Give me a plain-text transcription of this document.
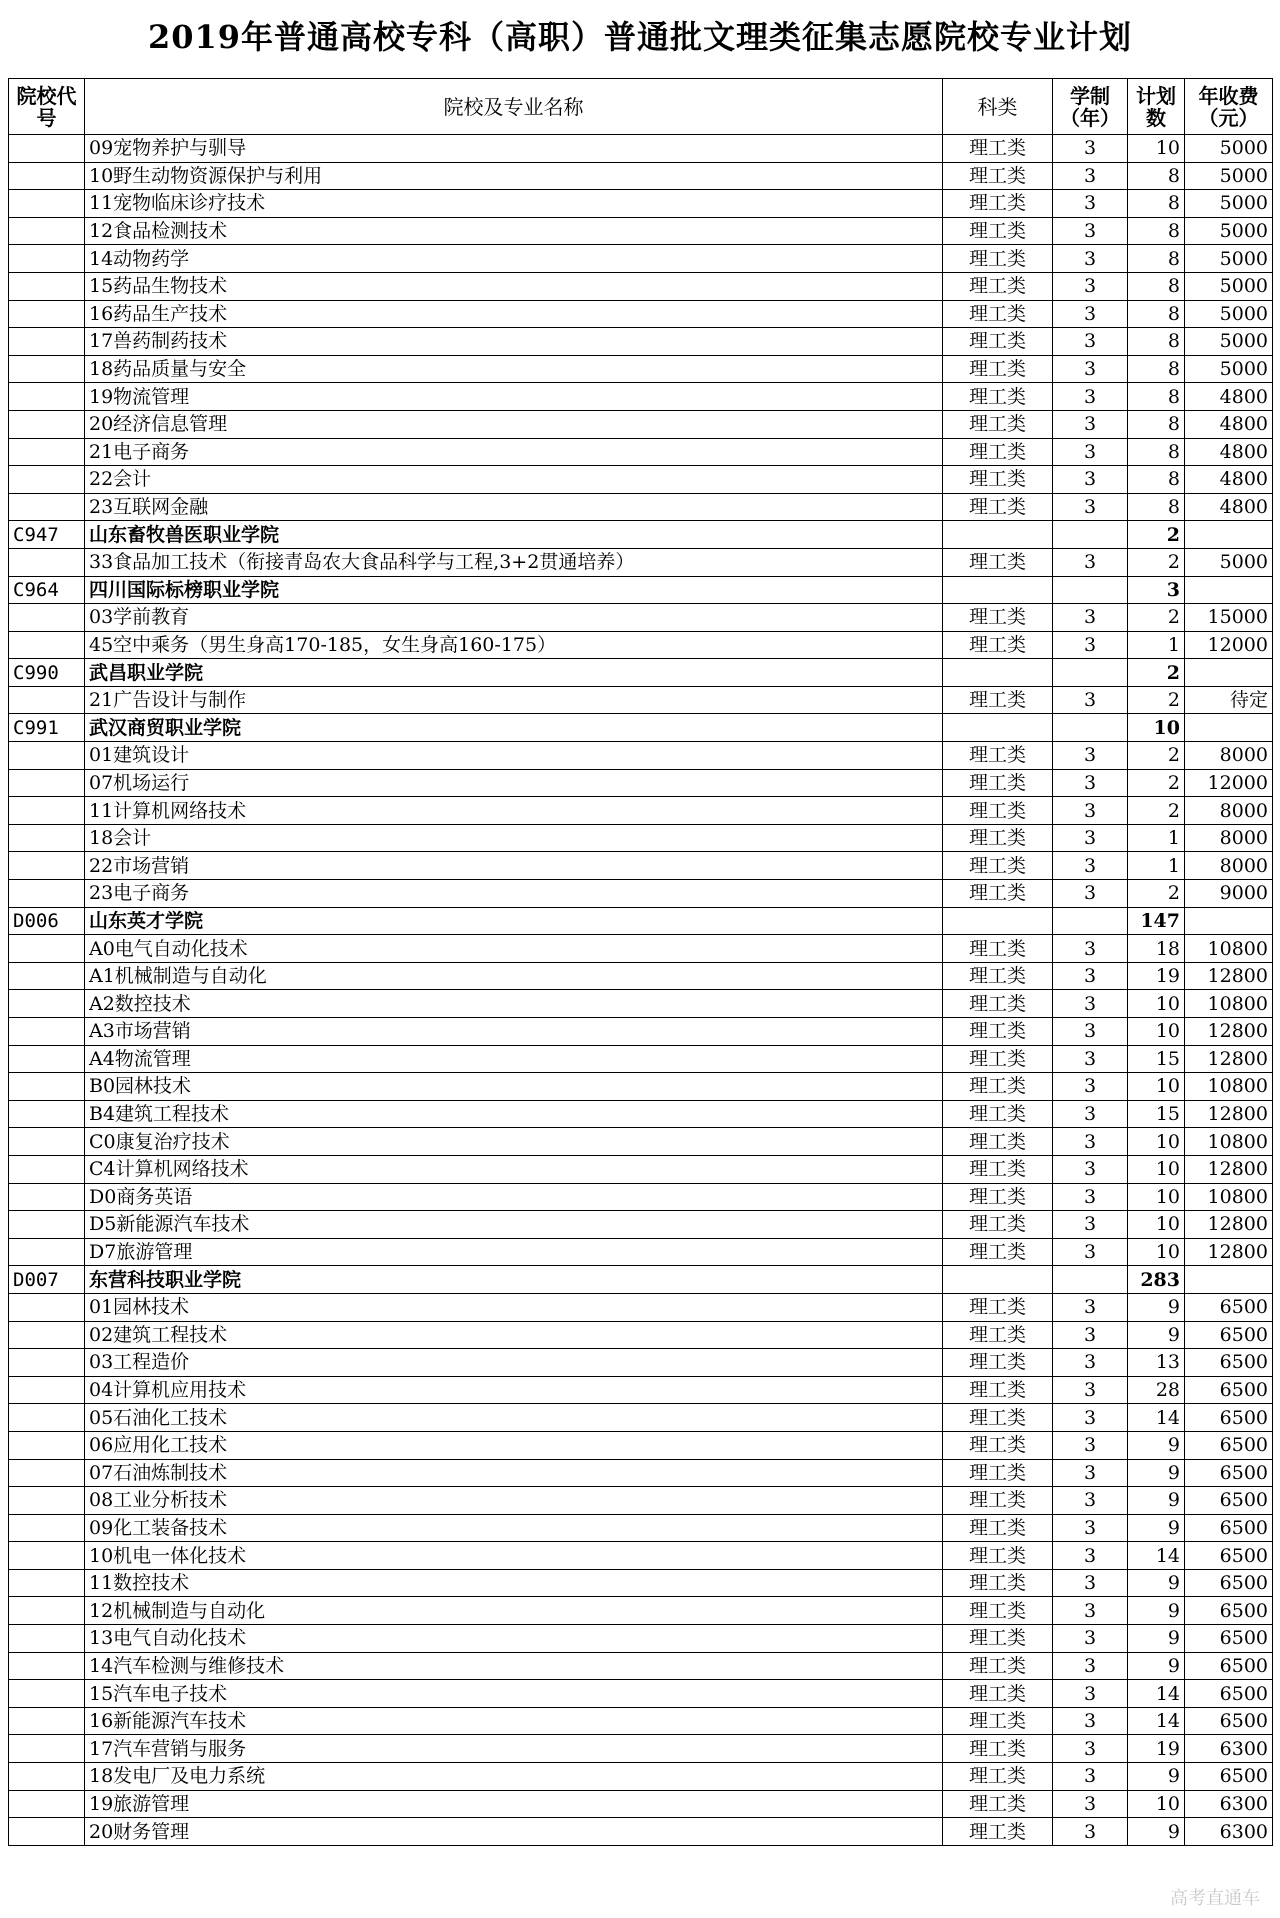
2019年普通高校专科（高职）普通批文理类征集志愿院校专业计划
院校代号	院校及专业名称	科类	学制（年）	计划数	年收费（元）
	09宠物养护与驯导	理工类	3	10	5000
	10野生动物资源保护与利用	理工类	3	8	5000
	11宠物临床诊疗技术	理工类	3	8	5000
	12食品检测技术	理工类	3	8	5000
	14动物药学	理工类	3	8	5000
	15药品生物技术	理工类	3	8	5000
	16药品生产技术	理工类	3	8	5000
	17兽药制药技术	理工类	3	8	5000
	18药品质量与安全	理工类	3	8	5000
	19物流管理	理工类	3	8	4800
	20经济信息管理	理工类	3	8	4800
	21电子商务	理工类	3	8	4800
	22会计	理工类	3	8	4800
	23互联网金融	理工类	3	8	4800
C947	山东畜牧兽医职业学院			2	
	33食品加工技术（衔接青岛农大食品科学与工程,3+2贯通培养）	理工类	3	2	5000
C964	四川国际标榜职业学院			3	
	03学前教育	理工类	3	2	15000
	45空中乘务（男生身高170-185，女生身高160-175）	理工类	3	1	12000
C990	武昌职业学院			2	
	21广告设计与制作	理工类	3	2	待定
C991	武汉商贸职业学院			10	
	01建筑设计	理工类	3	2	8000
	07机场运行	理工类	3	2	12000
	11计算机网络技术	理工类	3	2	8000
	18会计	理工类	3	1	8000
	22市场营销	理工类	3	1	8000
	23电子商务	理工类	3	2	9000
D006	山东英才学院			147	
	A0电气自动化技术	理工类	3	18	10800
	A1机械制造与自动化	理工类	3	19	12800
	A2数控技术	理工类	3	10	10800
	A3市场营销	理工类	3	10	12800
	A4物流管理	理工类	3	15	12800
	B0园林技术	理工类	3	10	10800
	B4建筑工程技术	理工类	3	15	12800
	C0康复治疗技术	理工类	3	10	10800
	C4计算机网络技术	理工类	3	10	12800
	D0商务英语	理工类	3	10	10800
	D5新能源汽车技术	理工类	3	10	12800
	D7旅游管理	理工类	3	10	12800
D007	东营科技职业学院			283	
	01园林技术	理工类	3	9	6500
	02建筑工程技术	理工类	3	9	6500
	03工程造价	理工类	3	13	6500
	04计算机应用技术	理工类	3	28	6500
	05石油化工技术	理工类	3	14	6500
	06应用化工技术	理工类	3	9	6500
	07石油炼制技术	理工类	3	9	6500
	08工业分析技术	理工类	3	9	6500
	09化工装备技术	理工类	3	9	6500
	10机电一体化技术	理工类	3	14	6500
	11数控技术	理工类	3	9	6500
	12机械制造与自动化	理工类	3	9	6500
	13电气自动化技术	理工类	3	9	6500
	14汽车检测与维修技术	理工类	3	9	6500
	15汽车电子技术	理工类	3	14	6500
	16新能源汽车技术	理工类	3	14	6500
	17汽车营销与服务	理工类	3	19	6300
	18发电厂及电力系统	理工类	3	9	6500
	19旅游管理	理工类	3	10	6300
	20财务管理	理工类	3	9	6300
高考直通车
